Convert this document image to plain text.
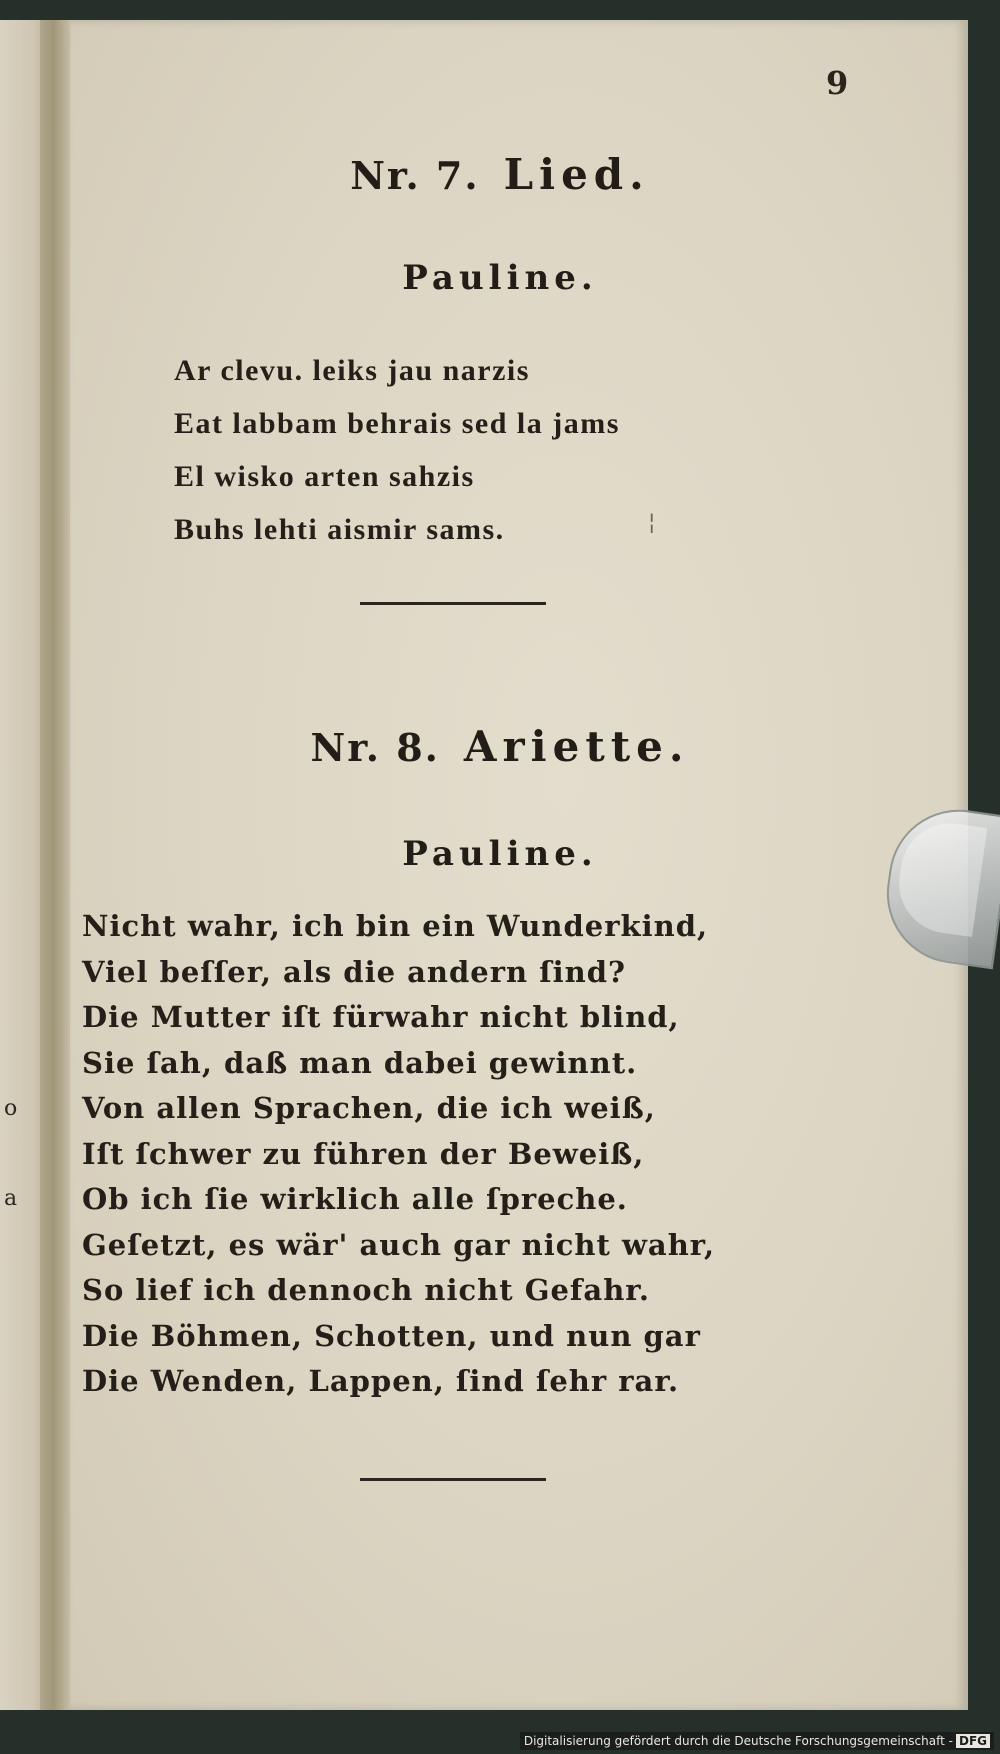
o
a
9
Nr. 7. Lied.
Pauline.
Ar clevu. leiks jau narzis
Eat labbam behrais sed la jams
El wisko arten sahzis
Buhs lehti aismir sams.	¦
Nr. 8. Ariette.
Pauline.
Nicht wahr, ich bin ein Wunderkind,
Viel beſſer, als die andern ſind?
Die Mutter iſt fürwahr nicht blind,
Sie ſah, daß man dabei gewinnt.
Von allen Sprachen, die ich weiß,
Iſt ſchwer zu führen der Beweiß,
Ob ich ſie wirklich alle ſpreche.
Geſetzt, es wär' auch gar nicht wahr,
So lief ich dennoch nicht Gefahr.
Die Böhmen, Schotten, und nun gar
Die Wenden, Lappen, ſind ſehr rar.
Digitalisierung gefördert durch die Deutsche Forschungsgemeinschaft - DFG
